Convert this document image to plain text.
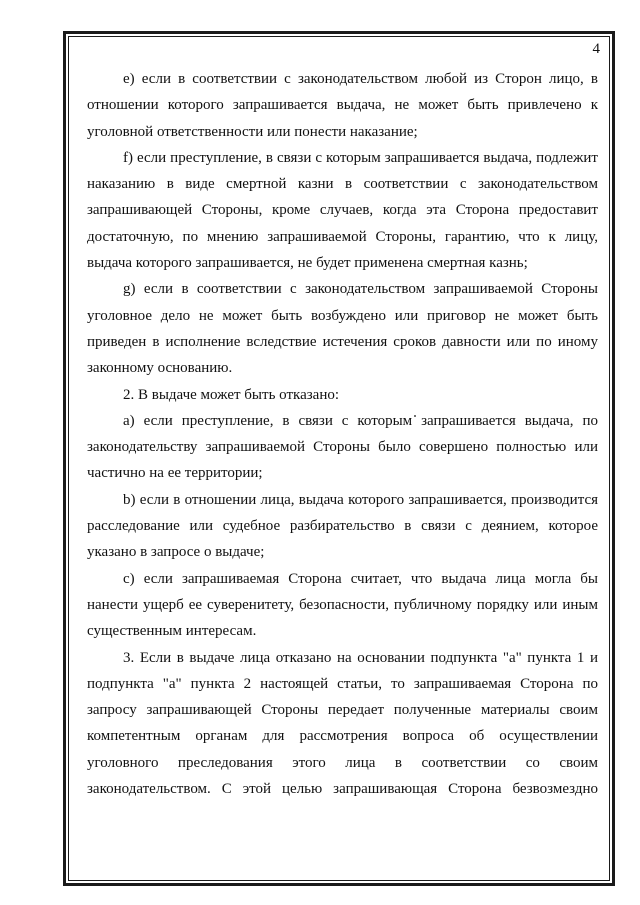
4

е) если в соответствии с законодательством любой из Сторон лицо, в отношении которого запрашивается выдача, не может быть привлечено к уголовной ответственности или понести наказание;

f) если преступление, в связи с которым запрашивается выдача, подлежит наказанию в виде смертной казни в соответствии с законодательством запрашивающей Стороны, кроме случаев, когда эта Сторона предоставит достаточную, по мнению запрашиваемой Стороны, гарантию, что к лицу, выдача которого запрашивается, не будет применена смертная казнь;

g) если в соответствии с законодательством запрашиваемой Стороны уголовное дело не может быть возбуждено или приговор не может быть приведен в исполнение вследствие истечения сроков давности или по иному законному основанию.

2. В выдаче может быть отказано:

a) если преступление, в связи с которым запрашивается выдача, по законодательству запрашиваемой Стороны было совершено полностью или частично на ее территории;

b) если в отношении лица, выдача которого запрашивается, производится расследование или судебное разбирательство в связи с деянием, которое указано в запросе о выдаче;

с) если запрашиваемая Сторона считает, что выдача лица могла бы нанести ущерб ее суверенитету, безопасности, публичному порядку или иным существенным интересам.

3. Если в выдаче лица отказано на основании подпункта "а" пункта 1 и подпункта "а" пункта 2 настоящей статьи, то запрашиваемая Сторона по запросу запрашивающей Стороны передает полученные материалы своим компетентным органам для рассмотрения вопроса об осуществлении уголовного преследования этого лица в соответствии со своим законодательством. С этой целью запрашивающая Сторона безвозмездно
